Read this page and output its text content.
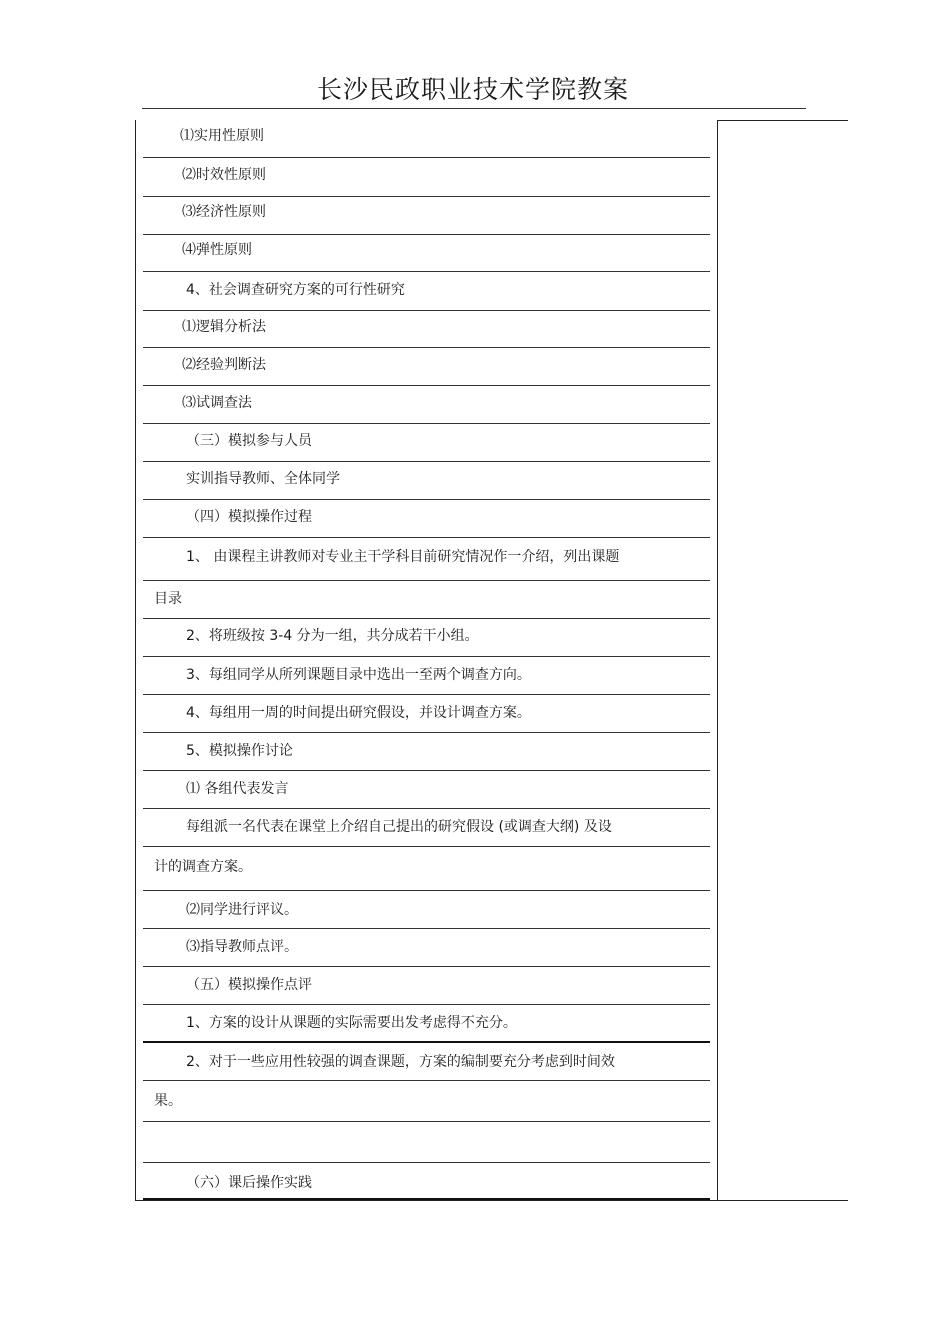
长沙民政职业技术学院教案
⑴实用性原则
⑵时效性原则
⑶经济性原则
⑷弹性原则
4、社会调查研究方案的可行性研究
⑴逻辑分析法
⑵经验判断法
⑶试调查法
（三）模拟参与人员
实训指导教师、全体同学
（四）模拟操作过程
1、 由课程主讲教师对专业主干学科目前研究情况作一介绍，列出课题
目录
2、将班级按 3-4 分为一组，共分成若干小组。
3、每组同学从所列课题目录中选出一至两个调查方向。
4、每组用一周的时间提出研究假设，并设计调查方案。
5、模拟操作讨论
⑴ 各组代表发言
每组派一名代表在课堂上介绍自己提出的研究假设 (或调查大纲) 及设
计的调查方案。
⑵同学进行评议。
⑶指导教师点评。
（五）模拟操作点评
1、方案的设计从课题的实际需要出发考虑得不充分。
2、对于一些应用性较强的调查课题，方案的编制要充分考虑到时间效
果。
（六）课后操作实践
